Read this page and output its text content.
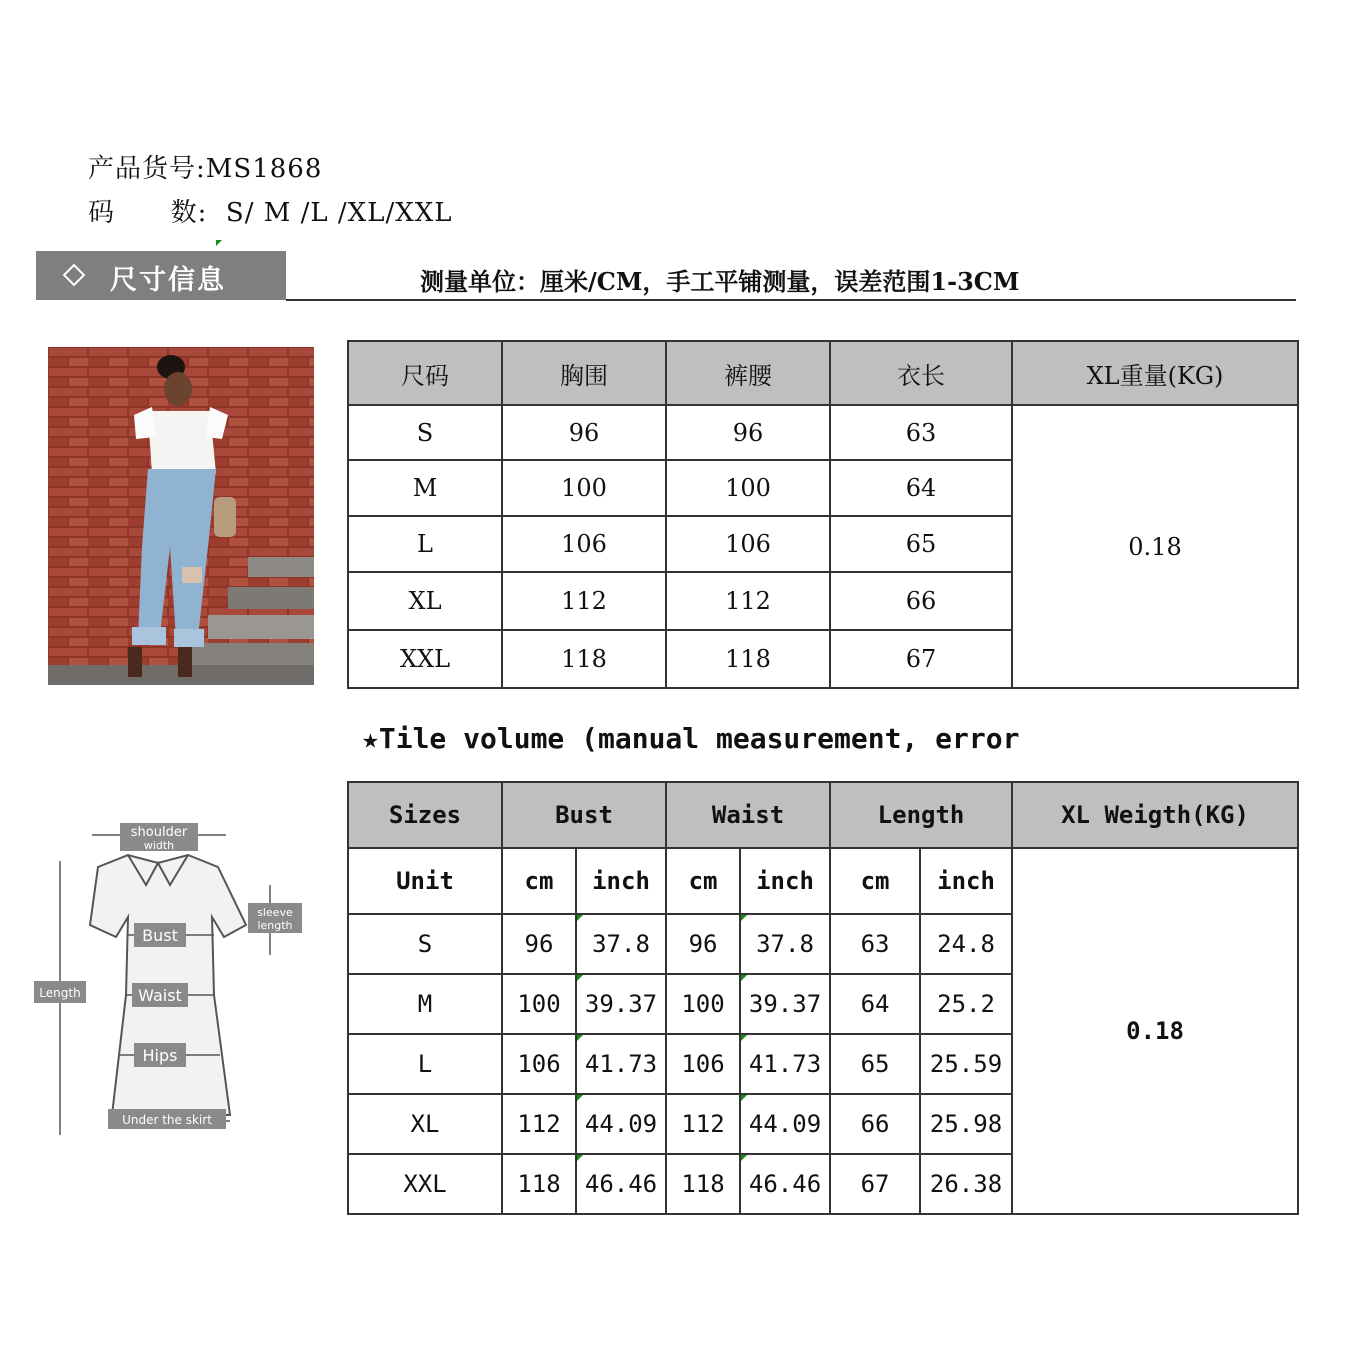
产品货号:MS1868
码 数: S/ M /L /XL/XXL
尺寸信息	测量单位：厘米/CM，手工平铺测量，误差范围1-3CM
尺码	胸围	裤腰	衣长	XL重量(KG)
S	96	96	63	0.18
M	100	100	64	
L	106	106	65	
XL	112	112	66	
XXL	118	118	67	
★Tile volume (manual measurement, error
shoulder
width
sleeve
length
Bust
Waist
Hips
Length
Under the skirt
Sizes	Bust		Waist		Length		XL Weigth(KG)
Unit	cm	inch	cm	inch	cm	inch	0.18
S	96	37.8	96	37.8	63	24.8	
M	100	39.37	100	39.37	64	25.2	
L	106	41.73	106	41.73	65	25.59	
XL	112	44.09	112	44.09	66	25.98	
XXL	118	46.46	118	46.46	67	26.38	
